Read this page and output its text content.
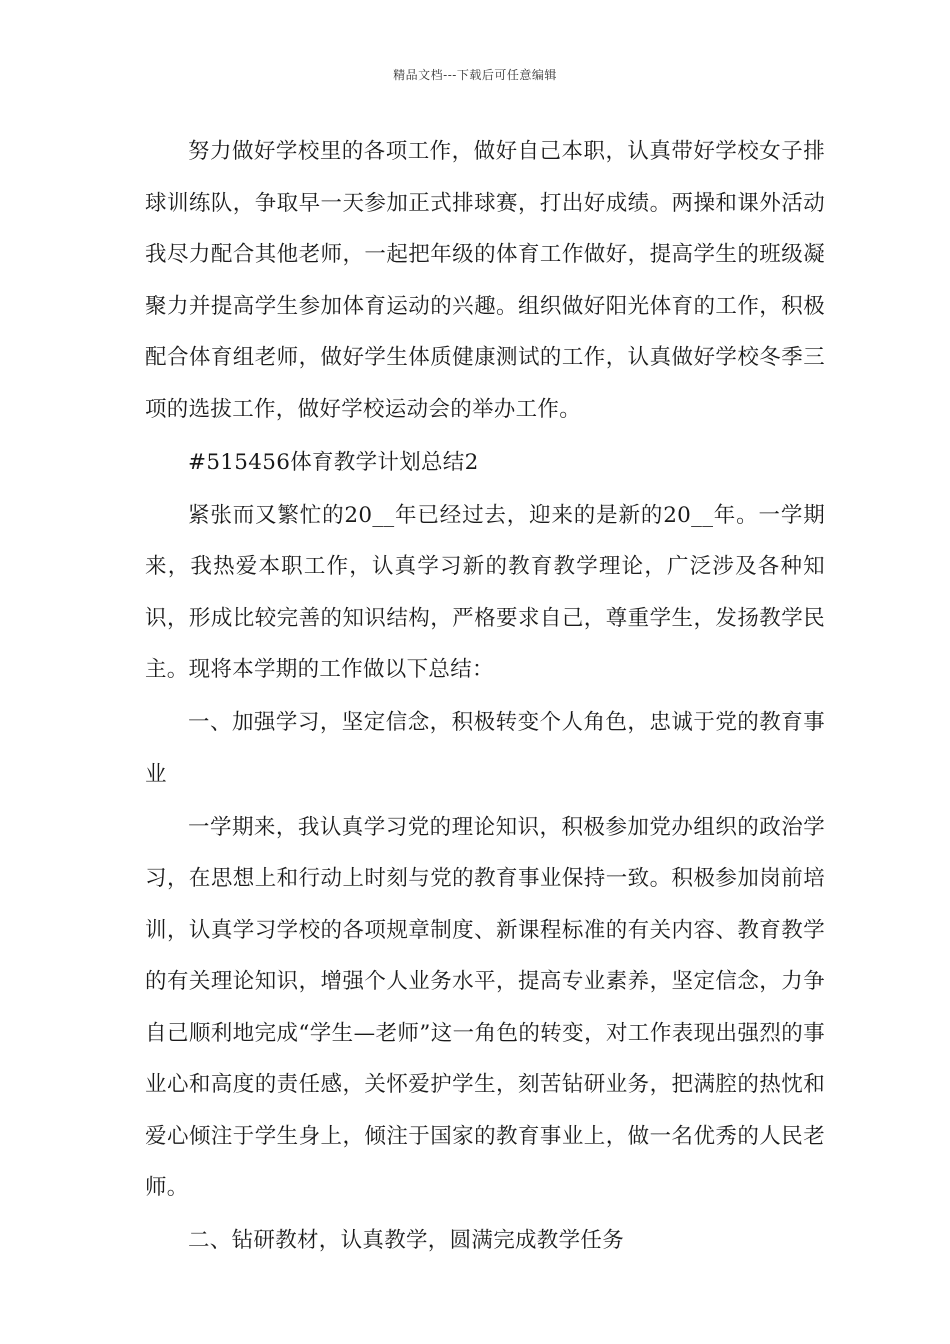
精品文档---下载后可任意编辑

努力做好学校里的各项工作，做好自己本职，认真带好学校女子排球训练队，争取早一天参加正式排球赛，打出好成绩。两操和课外活动我尽力配合其他老师，一起把年级的体育工作做好，提高学生的班级凝聚力并提高学生参加体育运动的兴趣。组织做好阳光体育的工作，积极配合体育组老师，做好学生体质健康测试的工作，认真做好学校冬季三项的选拔工作，做好学校运动会的举办工作。

#515456体育教学计划总结2

紧张而又繁忙的20__年已经过去，迎来的是新的20__年。一学期来，我热爱本职工作，认真学习新的教育教学理论，广泛涉及各种知识，形成比较完善的知识结构，严格要求自己，尊重学生，发扬教学民主。现将本学期的工作做以下总结：

一、加强学习，坚定信念，积极转变个人角色，忠诚于党的教育事业

一学期来，我认真学习党的理论知识，积极参加党办组织的政治学习，在思想上和行动上时刻与党的教育事业保持一致。积极参加岗前培训，认真学习学校的各项规章制度、新课程标准的有关内容、教育教学的有关理论知识，增强个人业务水平，提高专业素养，坚定信念，力争自己顺利地完成“学生—老师”这一角色的转变，对工作表现出强烈的事业心和高度的责任感，关怀爱护学生，刻苦钻研业务，把满腔的热忱和爱心倾注于学生身上，倾注于国家的教育事业上，做一名优秀的人民老师。

二、钻研教材，认真教学，圆满完成教学任务
